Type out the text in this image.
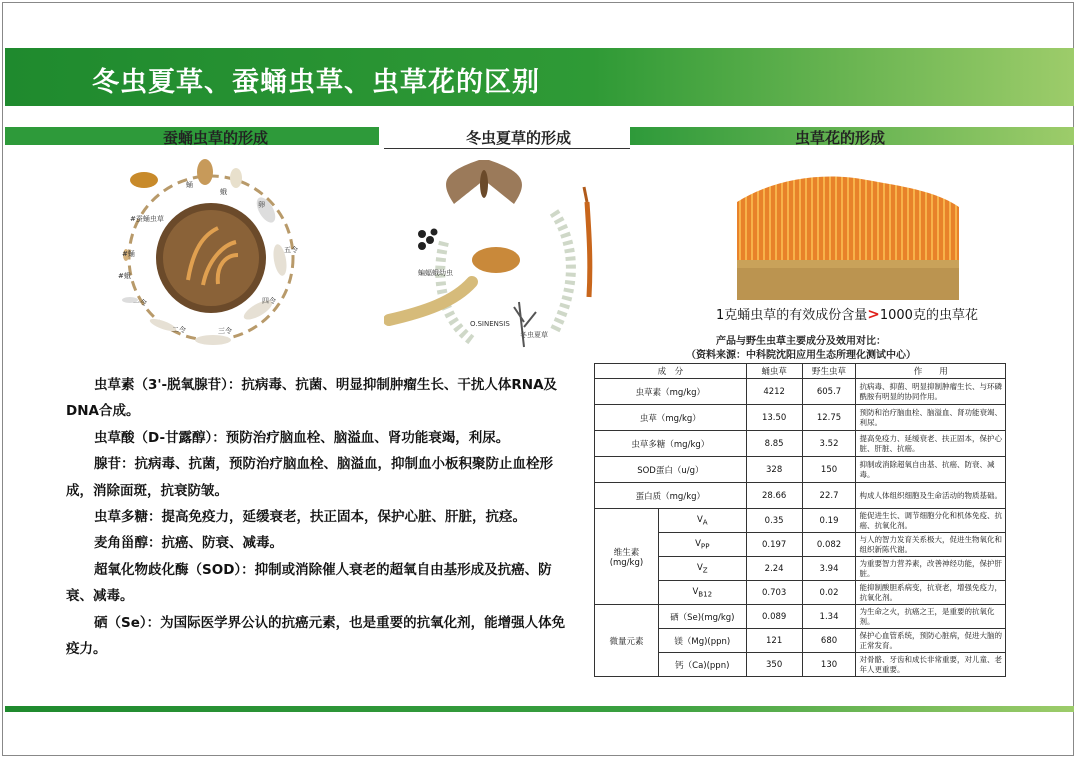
冬虫夏草、蚕蛹虫草、虫草花的区别
蚕蛹虫草的形成	冬虫夏草的形成	虫草花的形成
蛹
蛾
卵
五令
四令
三令
二令
一令
#蛾
#蛹
#蚕蛹虫草
蝙蝠蛾幼虫
O.SINENSIS
冬虫夏草
1克蛹虫草的有效成份含量>1000克的虫草花
产品与野生虫草主要成分及效用对比：
（资料来源：中科院沈阳应用生态所理化测试中心）
成　分		蛹虫草	野生虫草	作　　用
虫草素（mg/kg）		4212	605.7	抗病毒、抑菌、明显抑制肿瘤生长、与环磷酰胺有明显的协同作用。
虫草（mg/kg）		13.50	12.75	预防和治疗脑血栓、脑溢血、肾功能衰竭、利尿。
虫草多糖（mg/kg）		8.85	3.52	提高免疫力、延缓衰老、扶正固本，保护心脏、肝脏、抗癌。
SOD蛋白（u/g）		328	150	抑制或消除超氧自由基、抗癌、防衰、减毒。
蛋白质（mg/kg）		28.66	22.7	构成人体组织细胞及生命活动的物质基础。
维生素
(mg/kg)	$V_A$	0.35	0.19	能促进生长、调节细胞分化和机体免疫、抗癌、抗氧化剂。
	$V_{PP}$	0.197	0.082	与人的智力发育关系极大，促进生物氧化和组织新陈代谢。
	$V_Z$	2.24	3.94	为重要智力营养素，改善神经功能，保护肝脏。
	$V_{B12}$	0.703	0.02	能抑制酸胆系病变，抗衰老，增强免疫力，抗氧化剂。
微量元素	硒（Se)(mg/kg)	0.089	1.34	为生命之火，抗癌之王，是重要的抗氧化剂。
	镁（Mg)(ppn)	121	680	保护心血管系统，预防心脏病，促进大脑的正常发育。
	钙（Ca)(ppn)	350	130	对骨骼、牙齿和成长非常重要，对儿童、老年人更重要。

虫草素（3'-脱氧腺苷）：抗病毒、抗菌、明显抑制肿瘤生长、干扰人体RNA及DNA合成。

虫草酸（D-甘露醇）：预防治疗脑血栓、脑溢血、肾功能衰竭，利尿。

腺苷：抗病毒、抗菌，预防治疗脑血栓、脑溢血，抑制血小板积聚防止血栓形成，消除面斑，抗衰防皱。

虫草多糖：提高免疫力，延缓衰老，扶正固本，保护心脏、肝脏，抗痉。

麦角甾醇：抗癌、防衰、减毒。

超氧化物歧化酶（SOD）：抑制或消除催人衰老的超氧自由基形成及抗癌、防衰、减毒。

硒（Se）：为国际医学界公认的抗癌元素，也是重要的抗氧化剂，能增强人体免疫力。
